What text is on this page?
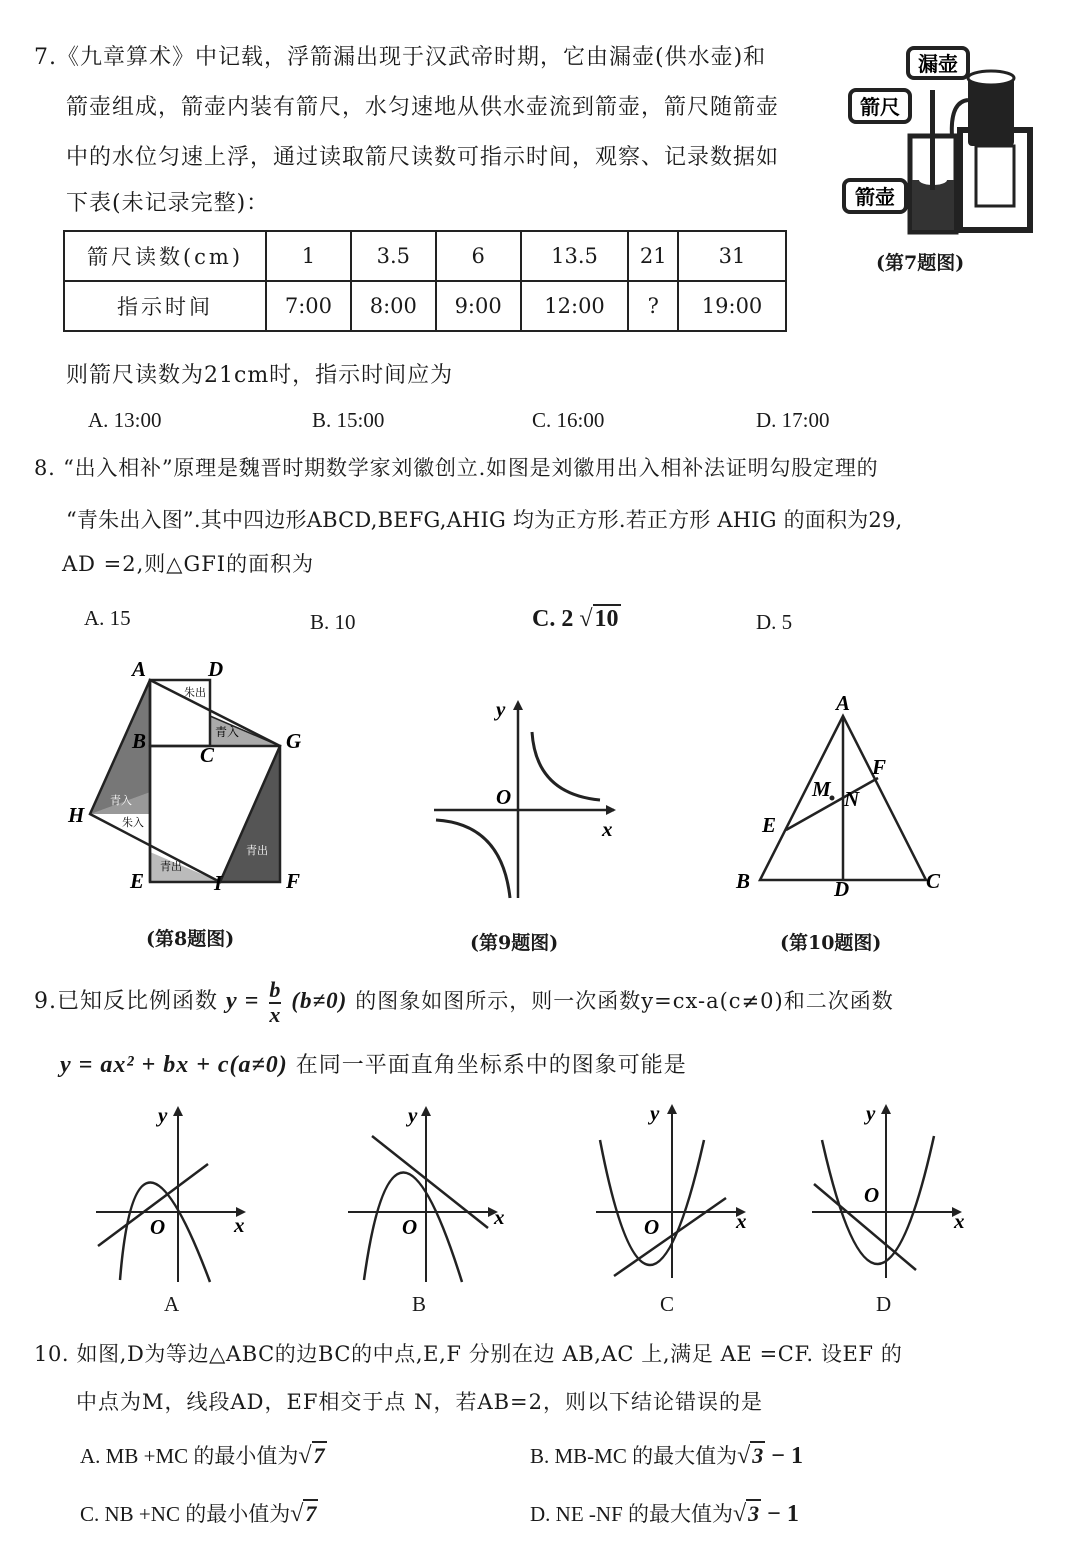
7.《九章算术》中记载，浮箭漏出现于汉武帝时期，它由漏壶(供水壶)和
箭壶组成，箭壶内装有箭尺，水匀速地从供水壶流到箭壶，箭尺随箭壶
中的水位匀速上浮，通过读取箭尺读数可指示时间，观察、记录数据如
下表(未记录完整)：
漏壶
箭尺
箭壶
(第7题图)
箭尺读数(cm)	1	3.5	6	13.5	21	31
指示时间	7:00	8:00	9:00	12:00	?	19:00
则箭尺读数为21cm时，指示时间应为
A. 13:00	B. 15:00	C. 16:00	D. 17:00
8. “出入相补”原理是魏晋时期数学家刘徽创立.如图是刘徽用出入相补法证明勾股定理的
“青朱出入图”.其中四边形ABCD,BEFG,AHIG 均为正方形.若正方形 AHIG 的面积为29,
AD =2,则△GFI的面积为
A. 15	B. 10	C. 2 √10	D. 5
朱出
青入
青入
朱入
青出
青出
A	D
B
C
G
H
E	I	F
(第8题图)
y
O
x
(第9题图)
A
F
M N
E
B	D	C
(第10题图)
9.已知反比例函数 $y = \frac{b}{x} (b\ne 0)$ 的图象如图所示，则一次函数y=cx-a(c≠0)和二次函数
y = ax² + bx + c(a≠0) 在同一平面直角坐标系中的图象可能是
y
O	x
A
y
O	x
B
y
O	x
C
y
O
x
D
10. 如图,D为等边△ABC的边BC的中点,E,F 分别在边 AB,AC 上,满足 AE =CF. 设EF 的
中点为M，线段AD，EF相交于点 N，若AB=2，则以下结论错误的是
A. MB +MC 的最小值为√7	B. MB-MC 的最大值为√3 − 1
C. NB +NC 的最小值为√7	D. NE -NF 的最大值为√3 − 1
